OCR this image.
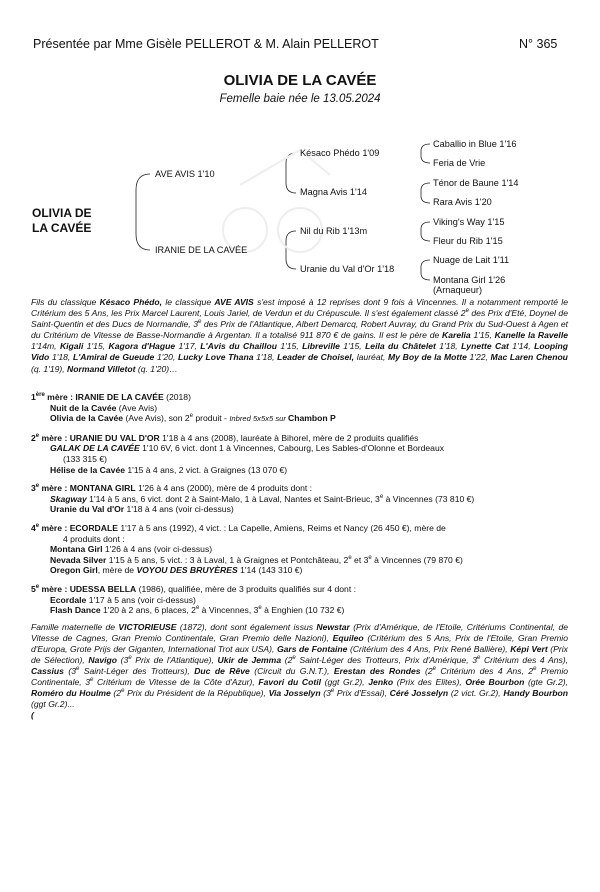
Présentée par Mme Gisèle PELLEROT & M. Alain PELLEROT	N° 365
OLIVIA DE LA CAVÉE
Femelle baie née le 13.05.2024
OLIVIA DE
LA CAVÉE
AVE AVIS 1'10
IRANIE DE LA CAVÉE
Késaco Phédo 1'09
Magna Avis 1'14
Nil du Rib 1'13m
Uranie du Val d'Or 1'18
Caballio in Blue 1'16
Feria de Vrie
Ténor de Baune 1'14
Rara Avis 1'20
Viking's Way 1'15
Fleur du Rib 1'15
Nuage de Lait 1'11
Montana Girl 1'26
(Arnaqueur)
Fils du classique Késaco Phédo, le classique AVE AVIS s'est imposé à 12 reprises dont 9 fois à Vincennes. Il a notamment remporté le Critérium des 5 Ans, les Prix Marcel Laurent, Louis Jariel, de Verdun et du Crépuscule. Il s'est également classé 2e des Prix d'Eté, Doynel de Saint-Quentin et des Ducs de Normandie, 3e des Prix de l'Atlantique, Albert Demarcq, Robert Auvray, du Grand Prix du Sud-Ouest à Agen et du Critérium de Vitesse de Basse-Normandie à Argentan. Il a totalisé 911 870 € de gains. Il est le père de Karelia 1'15, Kanelle la Ravelle 1'14m, Kigali 1'15, Kagora d'Hague 1'17, L'Avis du Chaillou 1'15, Libreville 1'15, Leila du Châtelet 1'18, Lynette Cat 1'14, Looping Vido 1'18, L'Amiral de Gueude 1'20, Lucky Love Thana 1'18, Leader de Choisel, lauréat, My Boy de la Motte 1'22, Mac Laren Chenou (q. 1'19), Normand Villetot (q. 1'20)…
1ère mère : IRANIE DE LA CAVÉE (2018)
Nuit de la Cavée (Ave Avis)
Olivia de la Cavée (Ave Avis), son 2e produit - Inbred 5x5x5 sur Chambon P
2e mère : URANIE DU VAL D'OR 1'18 à 4 ans (2008), lauréate à Bihorel, mère de 2 produits qualifiés
GALAK DE LA CAVÉE 1'10 6V, 6 vict. dont 1 à Vincennes, Cabourg, Les Sables-d'Olonne et Bordeaux
(133 315 €)
Hélise de la Cavée 1'15 à 4 ans, 2 vict. à Graignes (13 070 €)
3e mère : MONTANA GIRL 1'26 à 4 ans (2000), mère de 4 produits dont :
Skagway 1'14 à 5 ans, 6 vict. dont 2 à Saint-Malo, 1 à Laval, Nantes et Saint-Brieuc, 3e à Vincennes (73 810 €)
Uranie du Val d'Or 1'18 à 4 ans (voir ci-dessus)
4e mère : ECORDALE 1'17 à 5 ans (1992), 4 vict. : La Capelle, Amiens, Reims et Nancy (26 450 €), mère de
4 produits dont :
Montana Girl 1'26 à 4 ans (voir ci-dessus)
Nevada Silver 1'15 à 5 ans, 5 vict. : 3 à Laval, 1 à Graignes et Pontchâteau, 2e et 3e à Vincennes (79 870 €)
Oregon Girl, mère de VOYOU DES BRUYÈRES 1'14 (143 310 €)
5e mère : UDESSA BELLA (1986), qualifiée, mère de 3 produits qualifiés sur 4 dont :
Ecordale 1'17 à 5 ans (voir ci-dessus)
Flash Dance 1'20 à 2 ans, 6 places, 2e à Vincennes, 3e à Enghien (10 732 €)
Famille maternelle de VICTORIEUSE (1872), dont sont également issus Newstar (Prix d'Amérique, de l'Etoile, Critériums Continental, de Vitesse de Cagnes, Gran Premio Continentale, Gran Premio delle Nazioni), Equileo (Critérium des 5 Ans, Prix de l'Etoile, Gran Premio d'Europa, Grote Prijs der Giganten, International Trot aux USA), Gars de Fontaine (Critérium des 4 Ans, Prix René Ballière), Képi Vert (Prix de Sélection), Navigo (3e Prix de l'Atlantique), Ukir de Jemma (2e Saint-Léger des Trotteurs, Prix d'Amérique, 3e Critérium des 4 Ans), Cassius (3e Saint-Léger des Trotteurs), Duc de Rêve (Circuit du G.N.T.), Erestan des Rondes (2e Critérium des 4 Ans, 2e Premio Continentale, 3e Critérium de Vitesse de la Côte d'Azur), Favori du Cotil (ggt Gr.2), Jenko (Prix des Elites), Orée Bourbon (gte Gr.2), Roméro du Houlme (2e Prix du Président de la République), Via Josselyn (3e Prix d'Essai), Céré Josselyn (2 vict. Gr.2), Handy Bourbon (ggt Gr.2)...
(
